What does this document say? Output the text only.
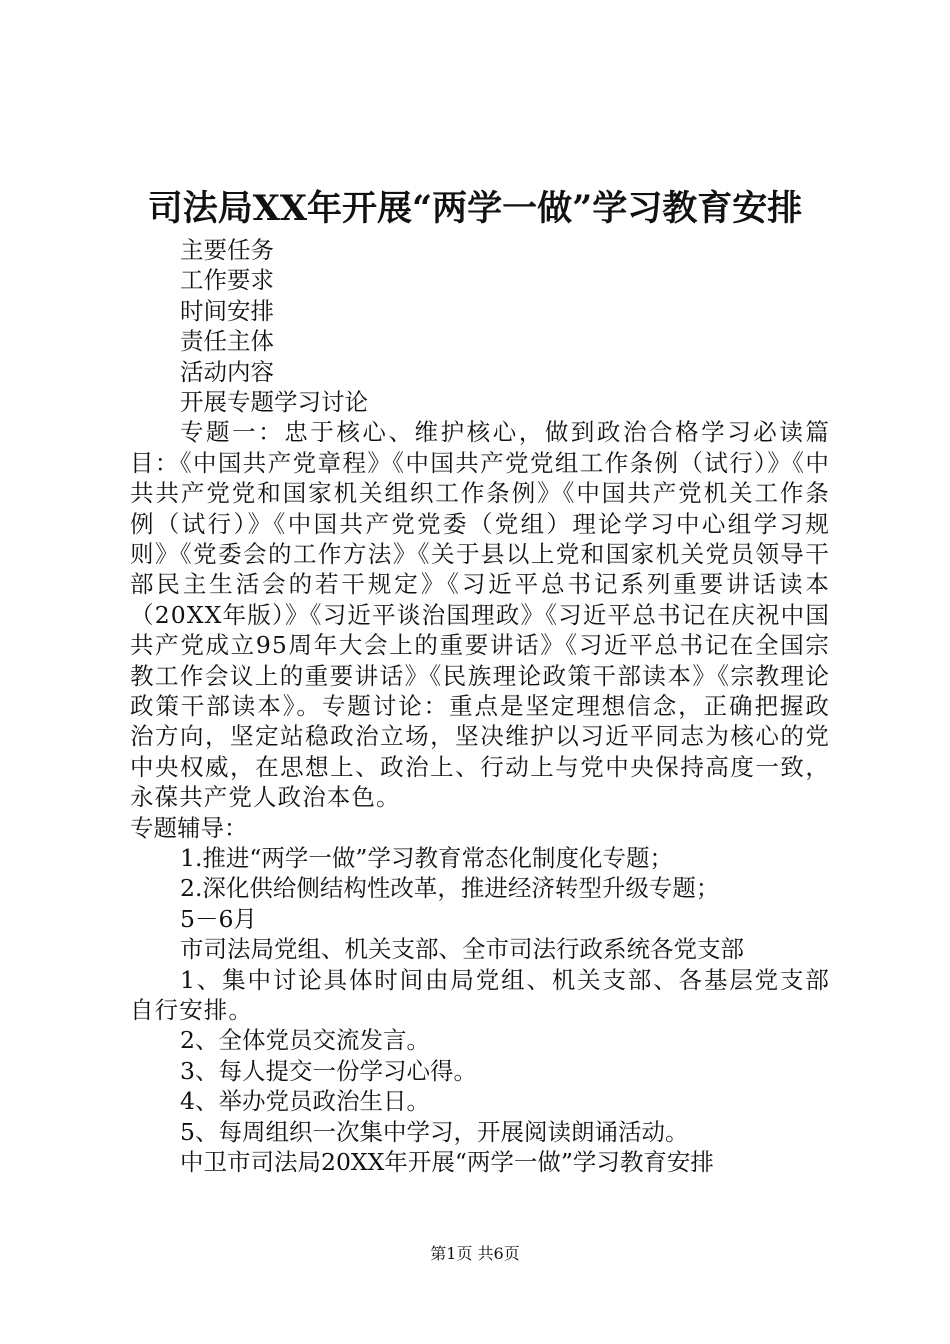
司法局XX年开展“两学一做”学习教育安排

主要任务

工作要求

时间安排

责任主体

活动内容

开展专题学习讨论

专题一：忠于核心、维护核心，做到政治合格学习必读篇目：《中国共产党章程》《中国共产党党组工作条例（试行）》《中共共产党党和国家机关组织工作条例》《中国共产党机关工作条例（试行）》《中国共产党党委（党组）理论学习中心组学习规则》《党委会的工作方法》《关于县以上党和国家机关党员领导干部民主生活会的若干规定》《习近平总书记系列重要讲话读本（20XX年版）》《习近平谈治国理政》《习近平总书记在庆祝中国共产党成立95周年大会上的重要讲话》《习近平总书记在全国宗教工作会议上的重要讲话》《民族理论政策干部读本》《宗教理论政策干部读本》。专题讨论：重点是坚定理想信念，正确把握政治方向，坚定站稳政治立场，坚决维护以习近平同志为核心的党中央权威，在思想上、政治上、行动上与党中央保持高度一致，永葆共产党人政治本色。

专题辅导：

1.推进“两学一做”学习教育常态化制度化专题；

2.深化供给侧结构性改革，推进经济转型升级专题；

5－6月

市司法局党组、机关支部、全市司法行政系统各党支部

1、集中讨论具体时间由局党组、机关支部、各基层党支部自行安排。

2、全体党员交流发言。

3、每人提交一份学习心得。

4、举办党员政治生日。

5、每周组织一次集中学习，开展阅读朗诵活动。

中卫市司法局20XX年开展“两学一做”学习教育安排

第1页 共6页
